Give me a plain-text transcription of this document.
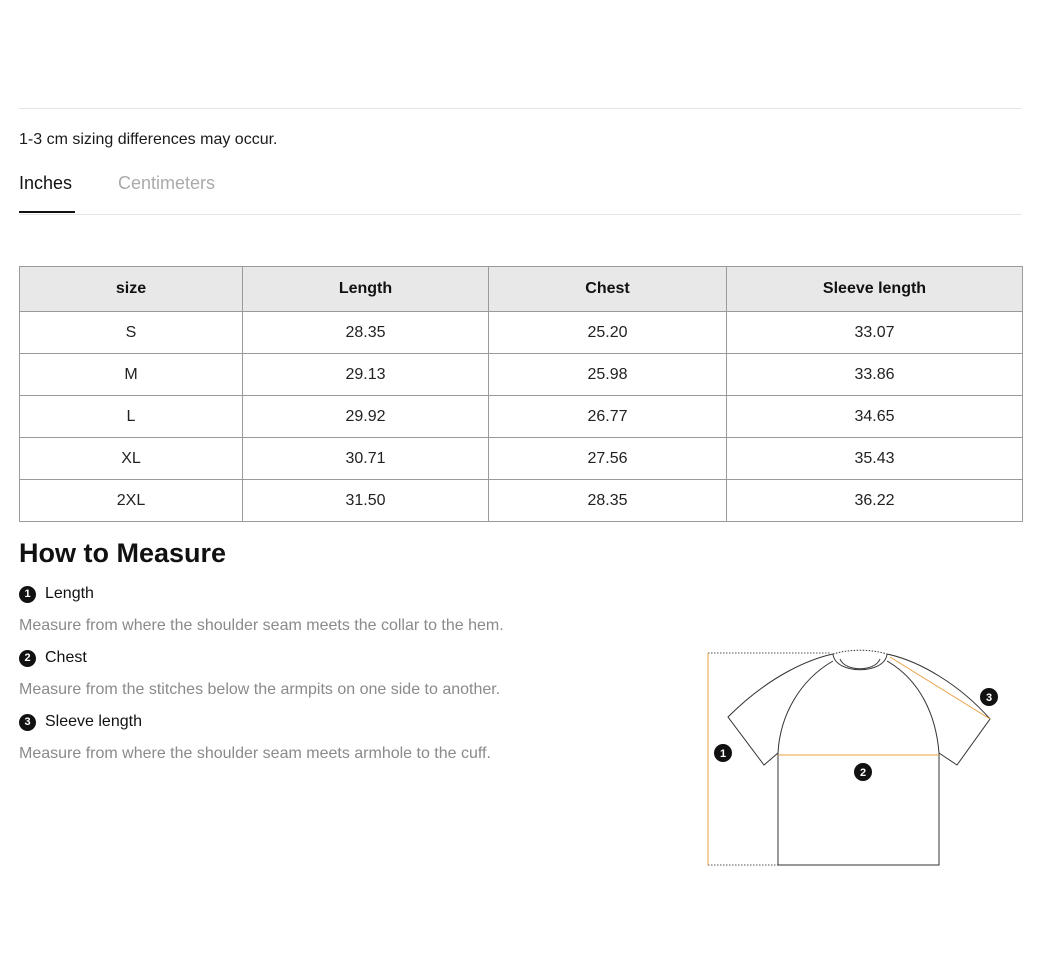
1-3 cm sizing differences may occur.
Inches	Centimeters
size	Length	Chest	Sleeve length
S	28.35	25.20	33.07
M	29.13	25.98	33.86
L	29.92	26.77	34.65
XL	30.71	27.56	35.43
2XL	31.50	28.35	36.22
How to Measure
1 Length
Measure from where the shoulder seam meets the collar to the hem.
2 Chest
Measure from the stitches below the armpits on one side to another.
3 Sleeve length
Measure from where the shoulder seam meets armhole to the cuff.	1
2
3
